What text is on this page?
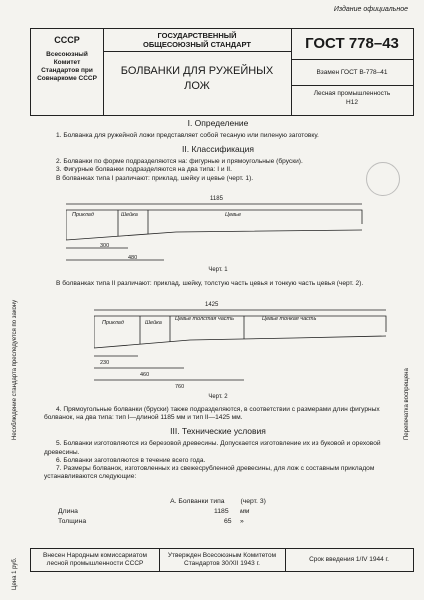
Издание официальное
СССР
Всесоюзный Комитет Стандартов при Совнаркоме СССР
ГОСУДАРСТВЕННЫЙ
ОБЩЕСОЮЗНЫЙ СТАНДАРТ
БОЛВАНКИ ДЛЯ РУЖЕЙНЫХ
ЛОЖ
ГОСТ 778–43
Взамен ГОСТ В-778–41
Лесная промышленность
Н12
Несоблюдение стандарта преследуется по закону
Цена 1 руб.
Перепечатка воспрещена
I. Определение
1. Болванка для ружейной ложи представляет собой тесаную или пиленую заготовку.
II. Классификация
2. Болванки по форме подразделяются на: фигурные и прямоугольные (бруски).
3. Фигурные болванки подразделяются на два типа: I и II.
В болванках типа I различают: приклад, шейку и цевье (черт. 1).
1185
Приклад	Шейка	Цевье
300
480
Черт. 1
В болванках типа II различают: приклад, шейку, толстую часть цевья и тонкую часть цевья (черт. 2).
1425
Приклад	Шейка
Цевье толстая часть	Цевье тонкая часть
230
460
760
Черт. 2
4. Прямоугольные болванки (бруски) также подразделяются, в соответствии с размерами длин фигурных болванок, на два типа: тип I—длиной 1185 мм и тип II—1425 мм.
III. Технические условия
5. Болванки изготовляются из березовой древесины. Допускается изготовление их из буковой и ореховой древесины.
6. Болванки заготовляются в течение всего года.
7. Размеры болванок, изготовленных из свежесрубленной древесины, для лож с составным прикладом устанавливаются следующие:
А. Болванки типа (черт. 3)
Длина	1185 мм
Толщина	65 »
Внесен Народным комиссариатом лесной промышленности СССР
Утвержден Всесоюзным Комитетом Стандартов 30/XII 1943 г.
Срок введения 1/IV 1944 г.
